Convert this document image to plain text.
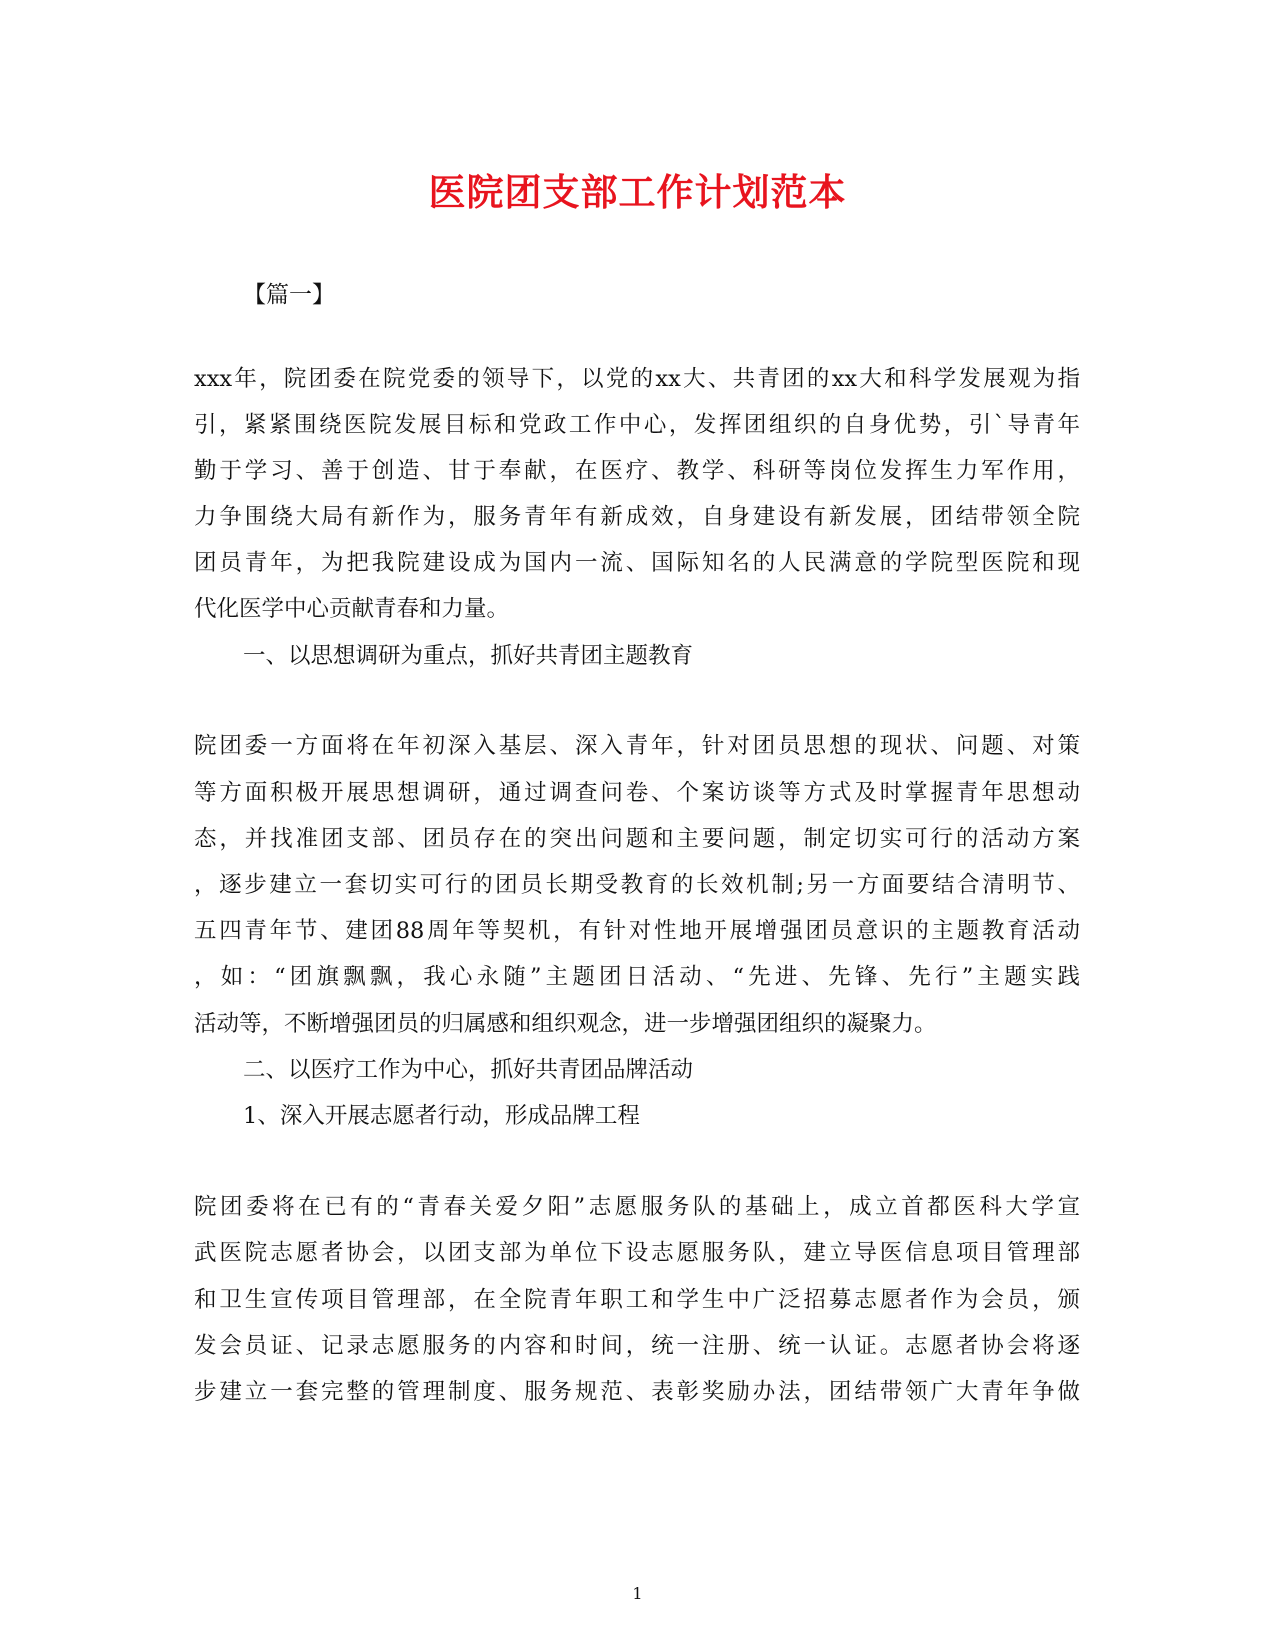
医院团支部工作计划范本
【篇一】
xxx年，院团委在院党委的领导下，以党的xx大、共青团的xx大和科学发展观为指
引，紧紧围绕医院发展目标和党政工作中心，发挥团组织的自身优势，引`导青年
勤于学习、善于创造、甘于奉献，在医疗、教学、科研等岗位发挥生力军作用，
力争围绕大局有新作为，服务青年有新成效，自身建设有新发展，团结带领全院
团员青年，为把我院建设成为国内一流、国际知名的人民满意的学院型医院和现
代化医学中心贡献青春和力量。
一、以思想调研为重点，抓好共青团主题教育
院团委一方面将在年初深入基层、深入青年，针对团员思想的现状、问题、对策
等方面积极开展思想调研，通过调查问卷、个案访谈等方式及时掌握青年思想动
态，并找准团支部、团员存在的突出问题和主要问题，制定切实可行的活动方案
，逐步建立一套切实可行的团员长期受教育的长效机制;另一方面要结合清明节、
五四青年节、建团88周年等契机，有针对性地开展增强团员意识的主题教育活动
，如：“团旗飘飘，我心永随”主题团日活动、“先进、先锋、先行”主题实践
活动等，不断增强团员的归属感和组织观念，进一步增强团组织的凝聚力。
二、以医疗工作为中心，抓好共青团品牌活动
1、深入开展志愿者行动，形成品牌工程
院团委将在已有的“青春关爱夕阳”志愿服务队的基础上，成立首都医科大学宣
武医院志愿者协会，以团支部为单位下设志愿服务队，建立导医信息项目管理部
和卫生宣传项目管理部，在全院青年职工和学生中广泛招募志愿者作为会员，颁
发会员证、记录志愿服务的内容和时间，统一注册、统一认证。志愿者协会将逐
步建立一套完整的管理制度、服务规范、表彰奖励办法，团结带领广大青年争做
1
